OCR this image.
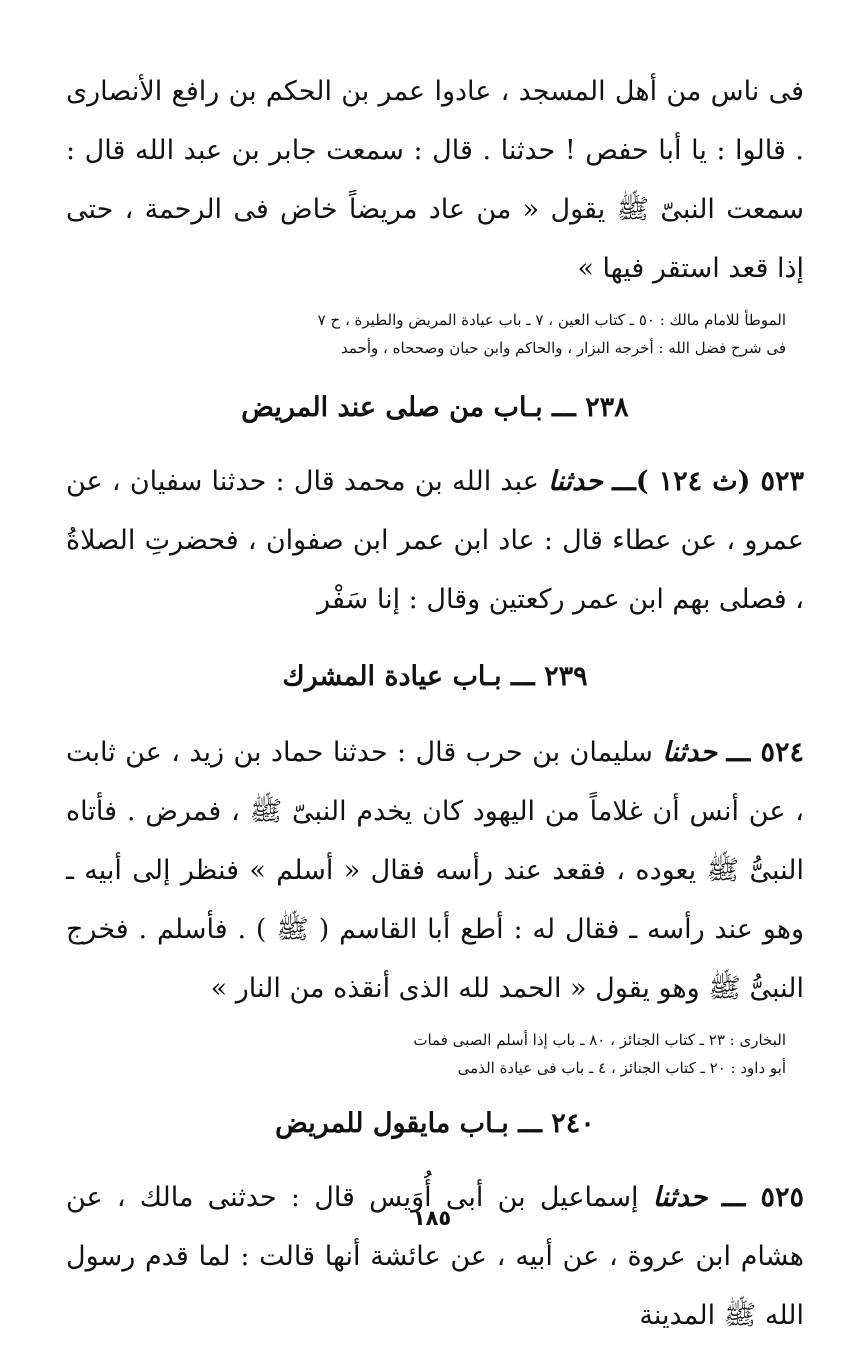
فى ناس من أهل المسجد ، عادوا عمر بن الحكم بن رافع الأنصارى . قالوا : يا أبا حفص ! حدثنا . قال : سمعت جابر بن عبد الله قال : سمعت النبىّ ﷺ يقول « من عاد مريضاً خاض فى الرحمة ، حتى إذا قعد استقر فيها »

الموطأ للامام مالك : ٥٠ ـ كتاب العين ، ٧ ـ باب عيادة المريض والطيرة ، ح ٧
فى شرح فضل الله : أخرجه البزار ، والحاكم وابن حبان وصححاه ، وأحمد
٢٣٨ ـــ بـاب من صلى عند المريض

٥٢٣ (ث ١٢٤ )ـــ حدثنا عبد الله بن محمد قال : حدثنا سفيان ، عن عمرو ، عن عطاء قال : عاد ابن عمر ابن صفوان ، فحضرتِ الصلاةُ ، فصلى بهم ابن عمر ركعتين وقال : إنا سَفْر

٢٣٩ ـــ بـاب عيادة المشرك

٥٢٤ ـــ حدثنا سليمان بن حرب قال : حدثنا حماد بن زيد ، عن ثابت ، عن أنس أن غلاماً من اليهود كان يخدم النبىّ ﷺ ، فمرض . فأتاه النبىُّ ﷺ يعوده ، فقعد عند رأسه فقال « أسلم » فنظر إلى أبيه ـ وهو عند رأسه ـ فقال له : أطع أبا القاسم ( ﷺ ) . فأسلم . فخرج النبىُّ ﷺ وهو يقول « الحمد لله الذى أنقذه من النار »

البخارى : ٢٣ ـ كتاب الجنائز ، ٨٠ ـ باب إذا أسلم الصبى فمات
أبو داود : ٢٠ ـ كتاب الجنائز ، ٤ ـ باب فى عيادة الذمى
٢٤٠ ـــ بـاب مايقول للمريض

٥٢٥ ـــ حدثنا إسماعيل بن أبى أُوَيس قال : حدثنى مالك ، عن هشام ابن عروة ، عن أبيه ، عن عائشة أنها قالت : لما قدم رسول الله ﷺ المدينة

١٨٥
